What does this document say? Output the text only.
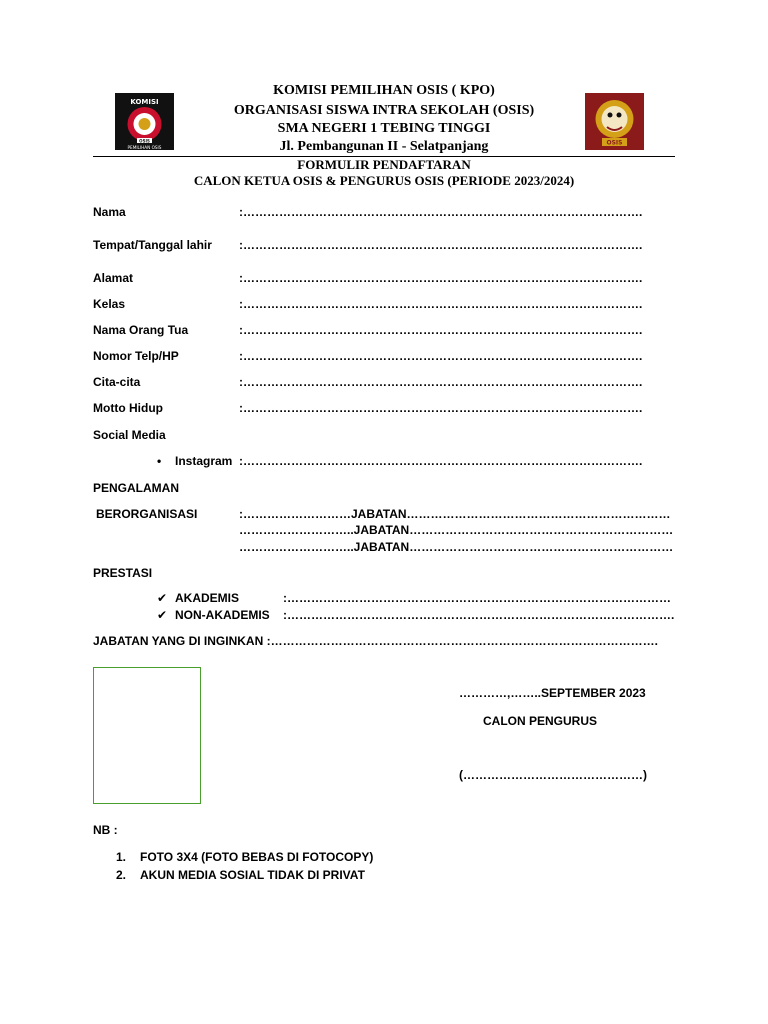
KOMISI
OSIS
PEMILIHAN OSIS
OSIS
KOMISI PEMILIHAN OSIS ( KPO)
ORGANISASI SISWA INTRA SEKOLAH (OSIS)
SMA NEGERI 1 TEBING TINGGI
Jl. Pembangunan II - Selatpanjang
FORMULIR PENDAFTARAN
CALON KETUA OSIS & PENGURUS OSIS (PERIODE 2023/2024)
Nama	:……………………………………………………………………………………….
Tempat/Tanggal lahir :……………………………………………………………………………………….
Alamat	:……………………………………………………………………………………….
Kelas	:……………………………………………………………………………………….
Nama Orang Tua	:……………………………………………………………………………………….
Nomor Telp/HP	:……………………………………………………………………………………….
Cita-cita	:……………………………………………………………………………………….
Motto Hidup	:……………………………………………………………………………………….
Social Media
• Instagram :……………………………………………………………………………………….
PENGALAMAN
BERORGANISASI	:………………………JABATAN…………………………………………………………
………………………..JABATAN…………………………………………………………
………………………..JABATAN…………………………………………………………
PRESTASI
✔ AKADEMIS	:……………………………………………………………………………………
✔ NON-AKADEMIS :…………………………………………………………………………………….
JABATAN YANG DI INGINKAN :…………………………………………………………………………………….
…………,……..SEPTEMBER 2023
CALON PENGURUS
(………………………………………)
NB :
1. FOTO 3X4 (FOTO BEBAS DI FOTOCOPY)
2. AKUN MEDIA SOSIAL TIDAK DI PRIVAT
